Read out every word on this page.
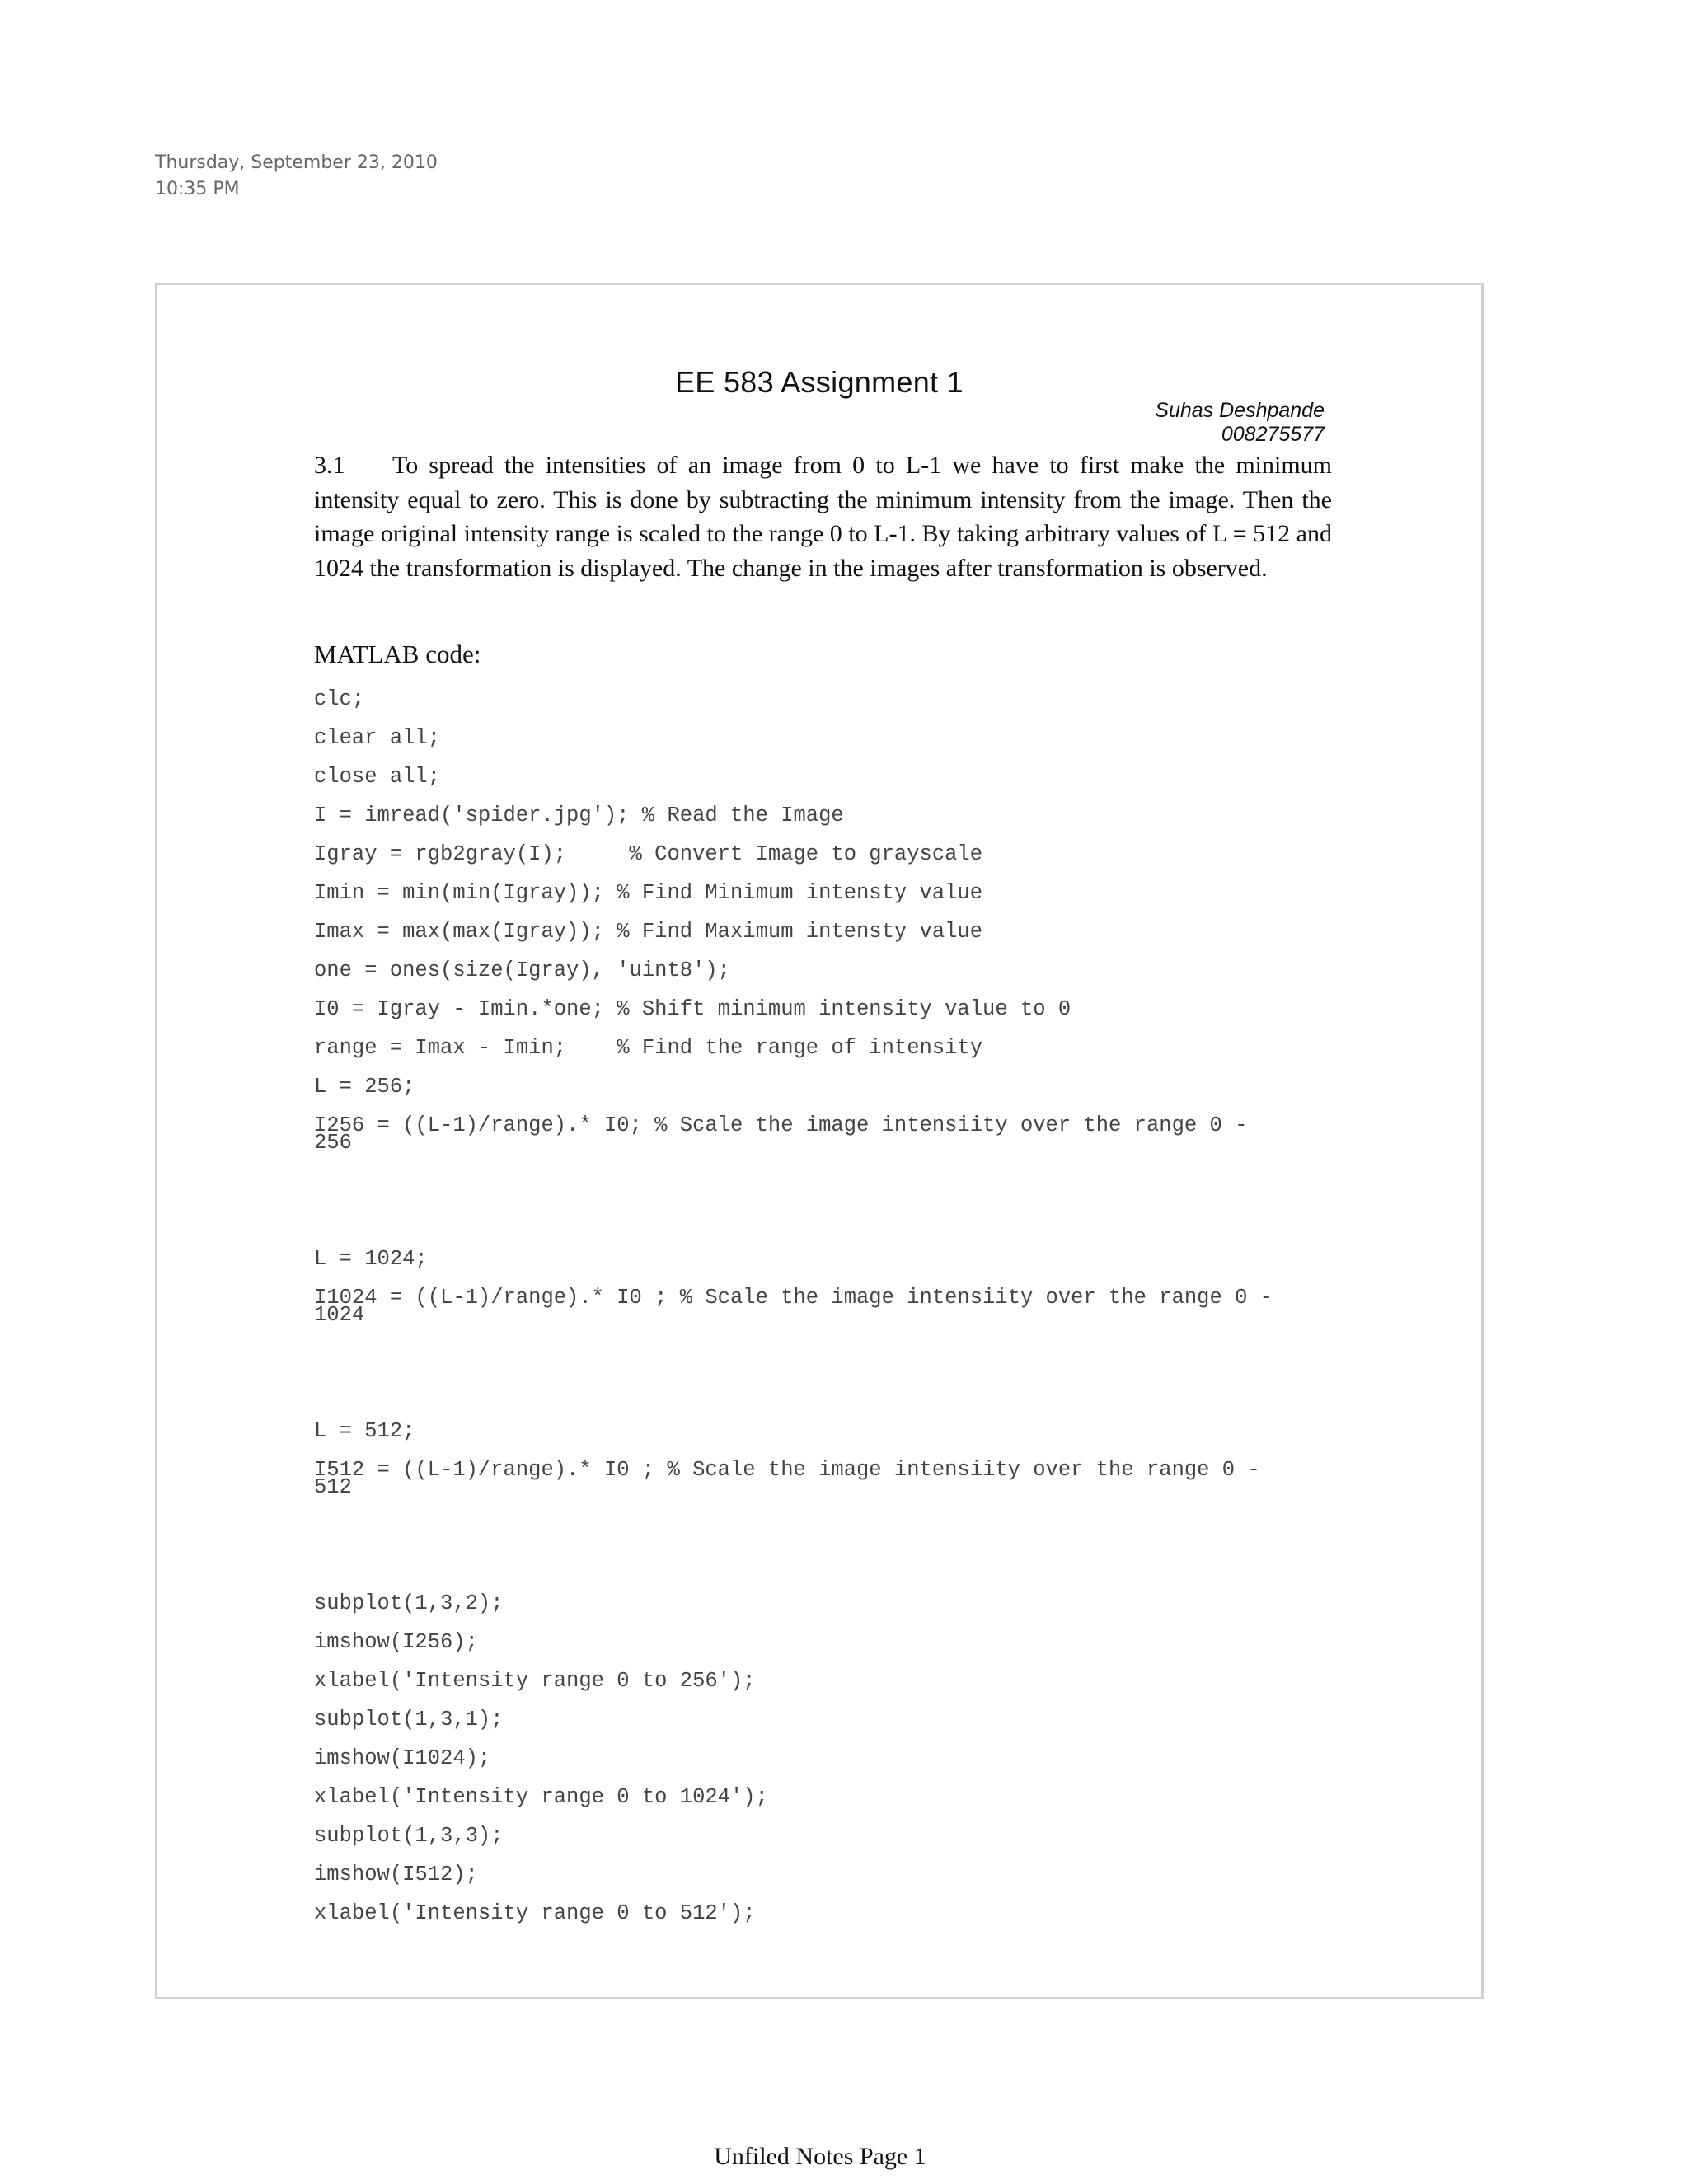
Thursday, September 23, 2010
10:35 PM
EE 583 Assignment 1
Suhas Deshpande
008275577
3.1 To spread the intensities of an image from 0 to L-1 we have to first make the minimum intensity equal to zero. This is done by subtracting the minimum intensity from the image. Then the image original intensity range is scaled to the range 0 to L-1. By taking arbitrary values of L = 512 and 1024 the transformation is displayed. The change in the images after transformation is observed.
MATLAB code:
clc;
clear all;
close all;
I = imread('spider.jpg'); % Read the Image
Igray = rgb2gray(I);     % Convert Image to grayscale
Imin = min(min(Igray)); % Find Minimum intensty value
Imax = max(max(Igray)); % Find Maximum intensty value
one = ones(size(Igray), 'uint8');
I0 = Igray - Imin.*one; % Shift minimum intensity value to 0
range = Imax - Imin;    % Find the range of intensity
L = 256;
I256 = ((L-1)/range).* I0; % Scale the image intensiity over the range 0 -
256
L = 1024;
I1024 = ((L-1)/range).* I0 ; % Scale the image intensiity over the range 0 -
1024
L = 512;
I512 = ((L-1)/range).* I0 ; % Scale the image intensiity over the range 0 -
512
subplot(1,3,2);
imshow(I256);
xlabel('Intensity range 0 to 256');
subplot(1,3,1);
imshow(I1024);
xlabel('Intensity range 0 to 1024');
subplot(1,3,3);
imshow(I512);
xlabel('Intensity range 0 to 512');
Unfiled Notes Page 1
